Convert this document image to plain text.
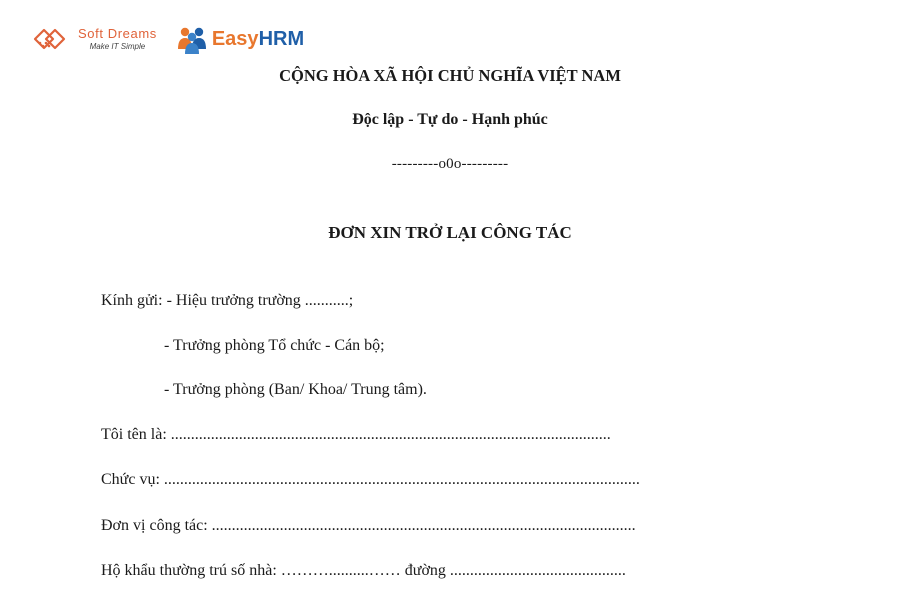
Soft Dreams
Make IT Simple	EasyHRM
CỘNG HÒA XÃ HỘI CHỦ NGHĨA VIỆT NAM
Độc lập - Tự do - Hạnh phúc
---------o0o---------
ĐƠN XIN TRỞ LẠI CÔNG TÁC
Kính gửi: - Hiệu trưởng trường ...........;
- Trưởng phòng Tổ chức - Cán bộ;
- Trưởng phòng (Ban/ Khoa/ Trung tâm).
Tôi tên là: ..............................................................................................................
Chức vụ: .......................................................................................................................
Đơn vị công tác: ..........................................................................................................
Hộ khẩu thường trú số nhà: ………..........…… đường ............................................
